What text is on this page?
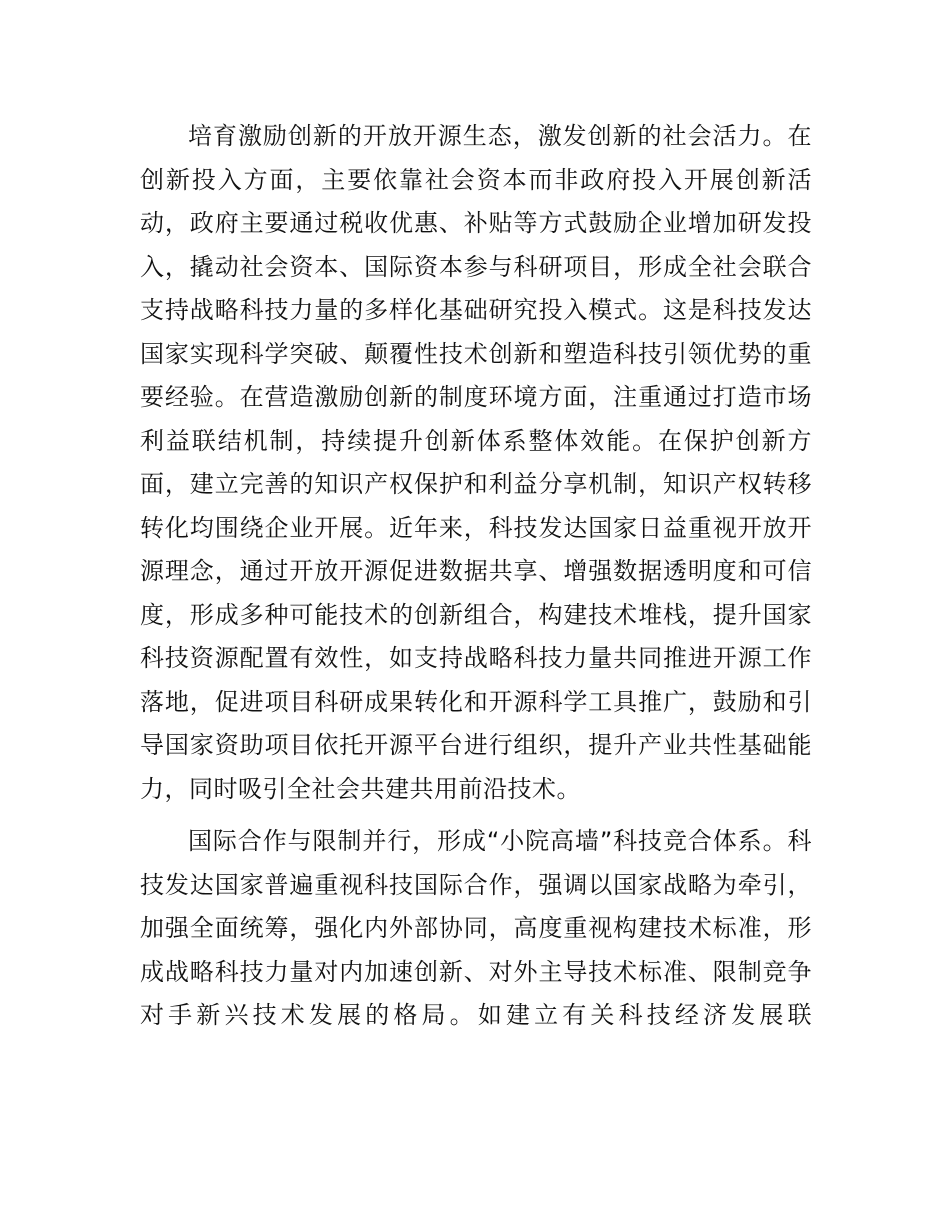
培育激励创新的开放开源生态，激发创新的社会活力。在创新投入方面，主要依靠社会资本而非政府投入开展创新活动，政府主要通过税收优惠、补贴等方式鼓励企业增加研发投入，撬动社会资本、国际资本参与科研项目，形成全社会联合支持战略科技力量的多样化基础研究投入模式。这是科技发达国家实现科学突破、颠覆性技术创新和塑造科技引领优势的重要经验。在营造激励创新的制度环境方面，注重通过打造市场利益联结机制，持续提升创新体系整体效能。在保护创新方面，建立完善的知识产权保护和利益分享机制，知识产权转移转化均围绕企业开展。近年来，科技发达国家日益重视开放开源理念，通过开放开源促进数据共享、增强数据透明度和可信度，形成多种可能技术的创新组合，构建技术堆栈，提升国家科技资源配置有效性，如支持战略科技力量共同推进开源工作落地，促进项目科研成果转化和开源科学工具推广，鼓励和引导国家资助项目依托开源平台进行组织，提升产业共性基础能力，同时吸引全社会共建共用前沿技术。

国际合作与限制并行，形成“小院高墙”科技竞合体系。科技发达国家普遍重视科技国际合作，强调以国家战略为牵引，加强全面统筹，强化内外部协同，高度重视构建技术标准，形成战略科技力量对内加速创新、对外主导技术标准、限制竞争对手新兴技术发展的格局。如建立有关科技经济发展联
